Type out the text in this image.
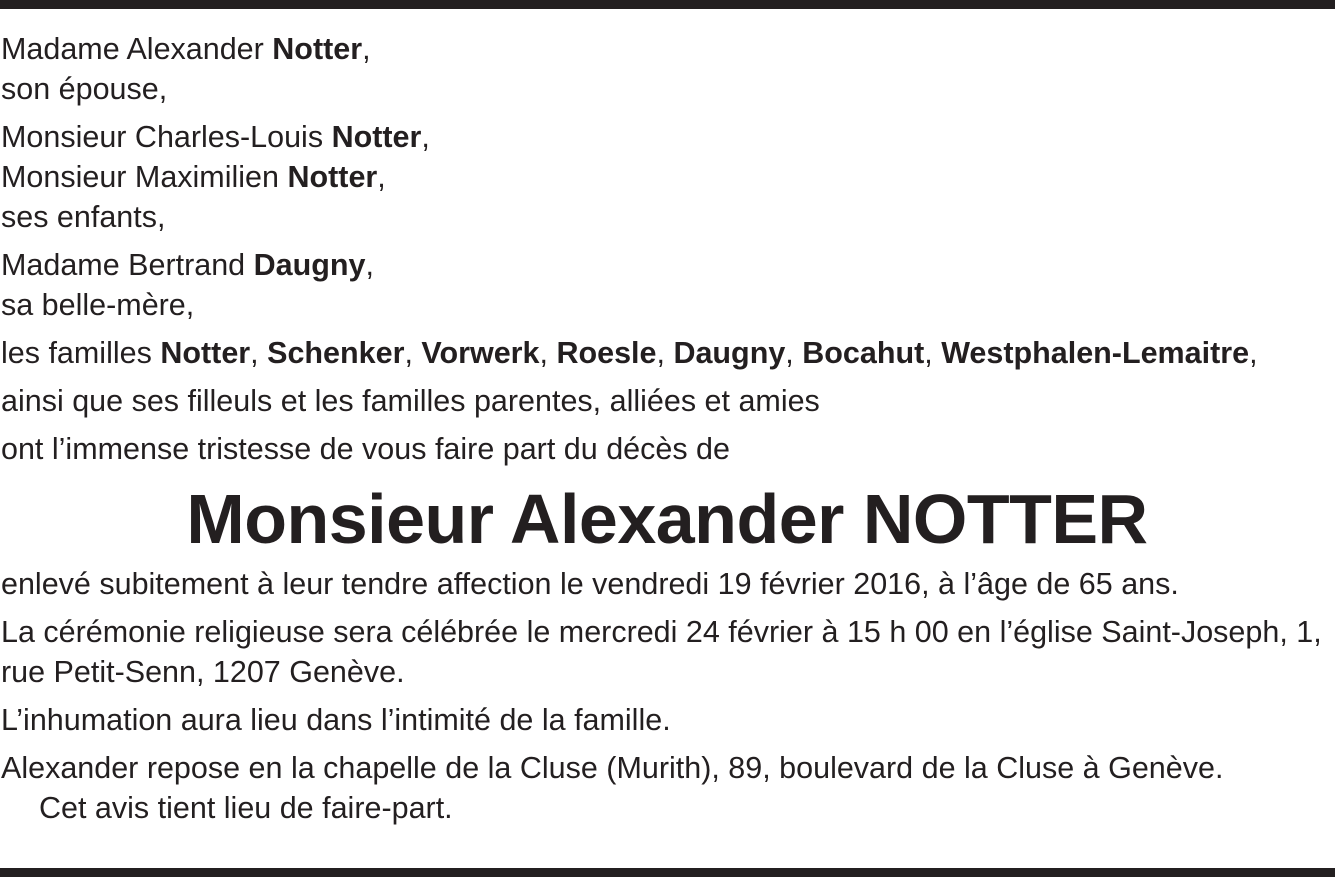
Madame Alexander Notter,
son épouse,
Monsieur Charles-Louis Notter,
Monsieur Maximilien Notter,
ses enfants,
Madame Bertrand Daugny,
sa belle-mère,
les familles Notter, Schenker, Vorwerk, Roesle, Daugny, Bocahut, Westphalen-Lemaitre,
ainsi que ses filleuls et les familles parentes, alliées et amies
ont l’immense tristesse de vous faire part du décès de
Monsieur Alexander NOTTER
enlevé subitement à leur tendre affection le vendredi 19 février 2016, à l’âge de 65 ans.
La cérémonie religieuse sera célébrée le mercredi 24 février à 15 h 00 en l’église Saint-Joseph, 1, rue Petit-Senn, 1207 Genève.
L’inhumation aura lieu dans l’intimité de la famille.
Alexander repose en la chapelle de la Cluse (Murith), 89, boulevard de la Cluse à Genève.
Cet avis tient lieu de faire-part.
